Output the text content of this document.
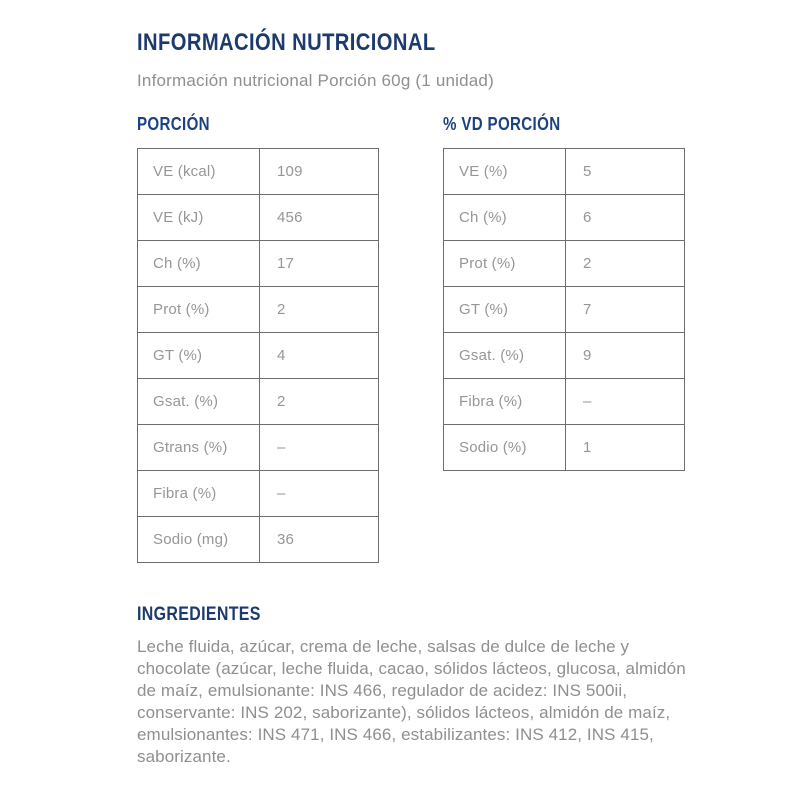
INFORMACIÓN NUTRICIONAL

Información nutricional Porción 60g (1 unidad)

PORCIÓN
VE (kcal)	109
VE (kJ)	456
Ch (%)	17
Prot (%)	2
GT (%)	4
Gsat. (%)	2
Gtrans (%)	–
Fibra (%)	–
Sodio (mg)	36
% VD PORCIÓN
VE (%)	5
Ch (%)	6
Prot (%)	2
GT (%)	7
Gsat. (%)	9
Fibra (%)	–
Sodio (%)	1
INGREDIENTES

Leche fluida, azúcar, crema de leche, salsas de dulce de leche y chocolate (azúcar, leche fluida, cacao, sólidos lácteos, glucosa, almidón de maíz, emulsionante: INS 466, regulador de acidez: INS 500ii, conservante: INS 202, saborizante), sólidos lácteos, almidón de maíz, emulsionantes: INS 471, INS 466, estabilizantes: INS 412, INS 415, saborizante.
